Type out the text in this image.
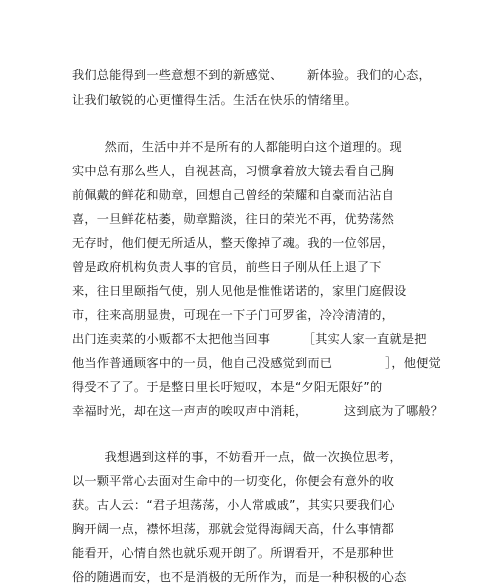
我们总能得到一些意想不到的新感觉、      新体验。我们的心态，
让我们敏锐的心更懂得生活。生活在快乐的情绪里。
然而，生活中并不是所有的人都能明白这个道理的。现
实中总有那么些人，自视甚高，习惯拿着放大镜去看自己胸
前佩戴的鲜花和勋章，回想自己曾经的荣耀和自豪而沾沾自
喜，一旦鲜花枯萎，勋章黯淡，往日的荣光不再，优势荡然
无存时，他们便无所适从，整天像掉了魂。我的一位邻居，
曾是政府机构负责人事的官员，前些日子刚从任上退了下
来，往日里颐指气使，别人见他是惟惟诺诺的，家里门庭假设
市，往来高朋显贵，可现在一下子门可罗雀，冷冷清清的，
出门连卖菜的小贩都不太把他当回事        ［其实人家一直就是把
他当作普通顾客中的一员，他自己没感觉到而已             ］，他便觉
得受不了了。于是整日里长吁短叹，本是“夕阳无限好”的
幸福时光，却在这一声声的唉叹声中消耗，         这到底为了哪般？
我想遇到这样的事，不妨看开一点，做一次换位思考，
以一颗平常心去面对生命中的一切变化，你便会有意外的收
获。古人云：“君子坦荡荡，小人常戚戚”，其实只要我们心
胸开阔一点，襟怀坦荡，那就会觉得海阔天高，什么事情都
能看开，心情自然也就乐观开朗了。所谓看开，不是那种世
俗的随遇而安，也不是消极的无所作为，而是一种积极的心态
